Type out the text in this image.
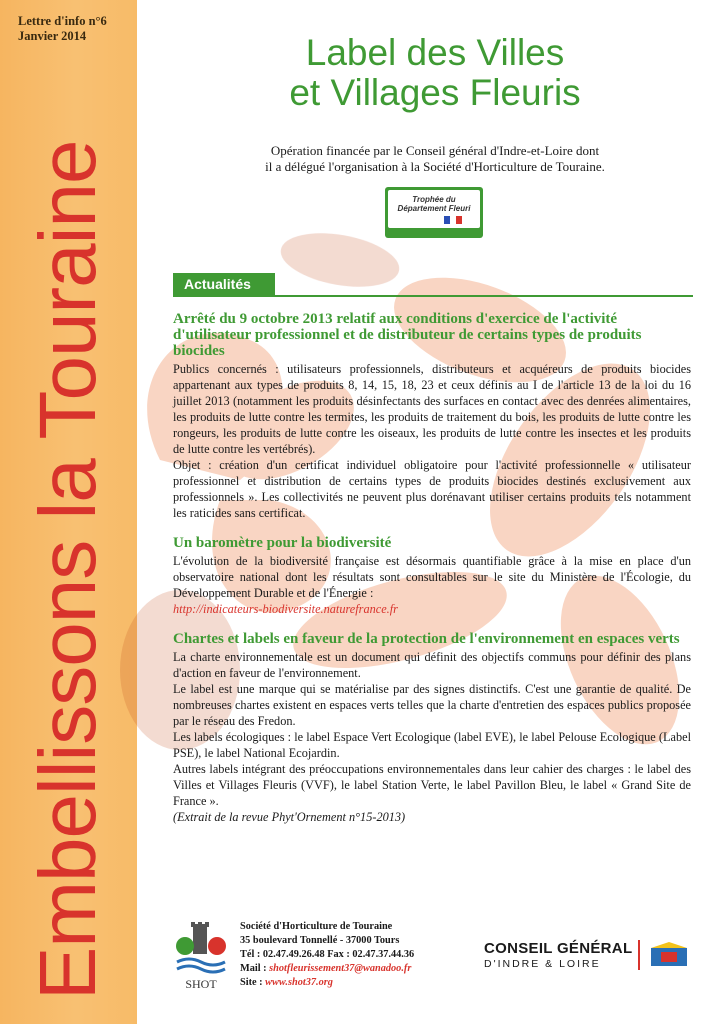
Lettre d'info n°6
Janvier 2014
Embellissons la Touraine
Label des Villes
et Villages Fleuris
Opération financée par le Conseil général d'Indre-et-Loire dont
il a délégué l'organisation à la Société d'Horticulture de Touraine.
Trophée du
Département Fleuri
Actualités

Arrêté du 9 octobre 2013 relatif aux conditions d'exercice de l'activité d'utilisateur professionnel et de distributeur de certains types de produits biocides

Publics concernés : utilisateurs professionnels, distributeurs et acquéreurs de produits biocides appartenant aux types de produits 8, 14, 15, 18, 23 et ceux définis au I de l'article 13 de la loi du 16 juillet 2013 (notamment les produits désinfectants des surfaces en contact avec des denrées alimentaires, les produits de lutte contre les termites, les produits de traitement du bois, les produits de lutte contre les rongeurs, les produits de lutte contre les oiseaux, les produits de lutte contre les insectes et les produits de lutte contre les vertébrés).

Objet : création d'un certificat individuel obligatoire pour l'activité professionnelle « utilisateur professionnel et distribution de certains types de produits biocides destinés exclusivement aux professionnels ». Les collectivités ne peuvent plus dorénavant utiliser certains produits tels notamment les raticides sans certificat.

Un baromètre pour la biodiversité

L'évolution de la biodiversité française est désormais quantifiable grâce à la mise en place d'un observatoire national dont les résultats sont consultables sur le site du Ministère de l'Écologie, du Développement Durable et de l'Énergie :

http://indicateurs-biodiversite.naturefrance.fr

Chartes et labels en faveur de la protection de l'environnement en espaces verts

La charte environnementale est un document qui définit des objectifs communs pour définir des plans d'action en faveur de l'environnement.

Le label est une marque qui se matérialise par des signes distinctifs. C'est une garantie de qualité. De nombreuses chartes existent en espaces verts telles que la charte d'entretien des espaces publics proposée par le réseau des Fredon.

Les labels écologiques : le label Espace Vert Ecologique (label EVE), le label Pelouse Ecologique (Label PSE), le label National Ecojardin.

Autres labels intégrant des préoccupations environnementales dans leur cahier des charges : le label des Villes et Villages Fleuris (VVF), le label Station Verte, le label Pavillon Bleu, le label « Grand Site de France ».

(Extrait de la revue Phyt'Ornement n°15-2013)

SHOT
Société d'Horticulture de Touraine
35 boulevard Tonnellé - 37000 Tours
Tél : 02.47.49.26.48 Fax : 02.47.37.44.36
Mail : shotfleurissement37@wanadoo.fr
Site : www.shot37.org
CONSEIL GÉNÉRAL
D'INDRE & LOIRE
